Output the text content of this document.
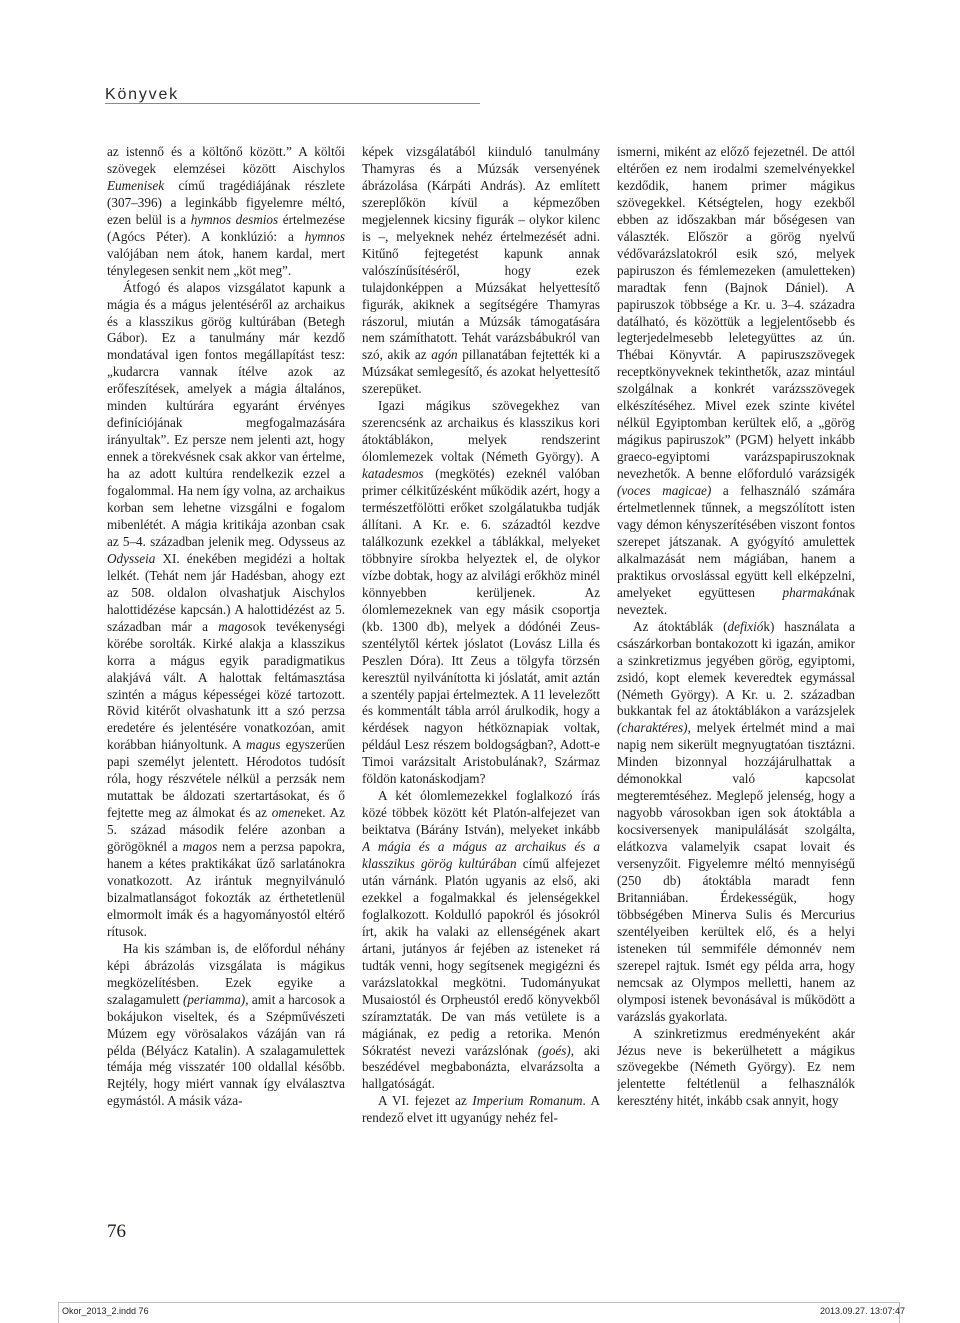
Könyvek

az istennő és a költőnő között.” A költői szövegek elemzései között Aischylos Eumenisek című tragédiájának részlete (307–396) a leginkább figyelemre méltó, ezen belül is a hymnos desmios értelmezése (Agócs Péter). A konklúzió: a hymnos valójában nem átok, hanem kardal, mert ténylegesen senkit nem „köt meg”.

Átfogó és alapos vizsgálatot kapunk a mágia és a mágus jelentéséről az archaikus és a klasszikus görög kultúrában (Betegh Gábor). Ez a tanulmány már kezdő mondatával igen fontos megállapítást tesz: „kudarcra vannak ítélve azok az erőfeszítések, amelyek a mágia általános, minden kultúrára egyaránt érvényes definíciójának megfogalmazására irányultak”. Ez persze nem jelenti azt, hogy ennek a törekvésnek csak akkor van értelme, ha az adott kultúra rendelkezik ezzel a fogalommal. Ha nem így volna, az archaikus korban sem lehetne vizsgálni e fogalom mibenlétét. A mágia kritikája azonban csak az 5–4. században jelenik meg. Odysseus az Odysseia XI. énekében megidézi a holtak lelkét. (Tehát nem jár Hadésban, ahogy ezt az 508. oldalon olvashatjuk Aischylos halottidézése kapcsán.) A halottidézést az 5. században már a magosok tevékenységi körébe sorolták. Kirké alakja a klasszikus korra a mágus egyik paradigmatikus alakjává vált. A halottak feltámasztása szintén a mágus képességei közé tartozott. Rövid kitérőt olvashatunk itt a szó perzsa eredetére és jelentésére vonatkozóan, amit korábban hiányoltunk. A magus egyszerűen papi személyt jelentett. Hérodotos tudósít róla, hogy részvétele nélkül a perzsák nem mutattak be áldozati szertartásokat, és ő fejtette meg az álmokat és az omeneket. Az 5. század második felére azonban a görögöknél a magos nem a perzsa papokra, hanem a kétes praktikákat űző sarlatánokra vonatkozott. Az irántuk megnyilvánuló bizalmatlanságot fokozták az érthetetlenül elmormolt imák és a hagyományostól eltérő rítusok.

Ha kis számban is, de előfordul néhány képi ábrázolás vizsgálata is mágikus megközelítésben. Ezek egyike a szalagamulett (periamma), amit a harcosok a bokájukon viseltek, és a Szépművészeti Múzem egy vörösalakos vázáján van rá példa (Bélyácz Katalin). A szalagamulettek témája még visszatér 100 oldallal később. Rejtély, hogy miért vannak így elválasztva egymástól. A másik váza-

képek vizsgálatából kiinduló tanulmány Thamyras és a Múzsák versenyének ábrázolása (Kárpáti András). Az említett szereplőkön kívül a képmezőben megjelennek kicsiny figurák – olykor kilenc is –, melyeknek nehéz értelmezését adni. Kitűnő fejtegetést kapunk annak valószínűsítéséről, hogy ezek tulajdonképpen a Múzsákat helyettesítő figurák, akiknek a segítségére Thamyras rászorul, miután a Múzsák támogatására nem számíthatott. Tehát varázsbábukról van szó, akik az agón pillanatában fejtették ki a Múzsákat semlegesítő, és azokat helyettesítő szerepüket.

Igazi mágikus szövegekhez van szerencsénk az archaikus és klasszikus kori átoktáblákon, melyek rendszerint ólomlemezek voltak (Németh György). A katadesmos (megkötés) ezeknél valóban primer célkitűzésként működik azért, hogy a természetfölötti erőket szolgálatukba tudják állítani. A Kr. e. 6. századtól kezdve találkozunk ezekkel a táblákkal, melyeket többnyire sírokba helyeztek el, de olykor vízbe dobtak, hogy az alvilági erőkhöz minél könnyebben kerüljenek. Az ólomlemezeknek van egy másik csoportja (kb. 1300 db), melyek a dódónéi Zeus-szentélytől kértek jóslatot (Lovász Lilla és Peszlen Dóra). Itt Zeus a tölgyfa törzsén keresztül nyilvánította ki jóslatát, amit aztán a szentély papjai értelmeztek. A 11 levelezőtt és kommentált tábla arról árulkodik, hogy a kérdések nagyon hétköznapiak voltak, például Lesz részem boldogságban?, Adott-e Timoi varázsitalt Aristobulának?, Származ földön katonáskodjam?

A két ólomlemezekkel foglalkozó írás közé többek között két Platón-alfejezet van beiktatva (Bárány István), melyeket inkább A mágia és a mágus az archaikus és a klasszikus görög kultúrában című alfejezet után várnánk. Platón ugyanis az első, aki ezekkel a fogalmakkal és jelenségekkel foglalkozott. Koldulló papokról és jósokról írt, akik ha valaki az ellenségének akart ártani, jutányos ár fejében az isteneket rá tudták venni, hogy segítsenek megigézni és varázslatokkal megkötni. Tudományukat Musaiostól és Orpheustól eredő könyvekből szíramztaták. De van más vetülete is a mágiának, ez pedig a retorika. Menón Sókratést nevezi varázslónak (goés), aki beszédével megbabonázta, elvarázsolta a hallgatóságát.

A VI. fejezet az Imperium Romanum. A rendező elvet itt ugyanúgy nehéz fel-

ismerni, miként az előző fejezetnél. De attól eltérően ez nem irodalmi szemelvényekkel kezdődik, hanem primer mágikus szövegekkel. Kétségtelen, hogy ezekből ebben az időszakban már bőségesen van választék. Először a görög nyelvű védővarázslatokról esik szó, melyek papiruszon és fémlemezeken (amuletteken) maradtak fenn (Bajnok Dániel). A papiruszok többsége a Kr. u. 3–4. századra datálható, és közöttük a legjelentősebb és legterjedelmesebb leletegyüttes az ún. Thébai Könyvtár. A papiruszszövegek receptkönyveknek tekinthetők, azaz mintául szolgálnak a konkrét varázsszövegek elkészítéséhez. Mivel ezek szinte kivétel nélkül Egyiptomban kerültek elő, a „görög mágikus papiruszok” (PGM) helyett inkább graeco-egyiptomi varázspapiruszoknak nevezhetők. A benne előforduló varázsigék (voces magicae) a felhasználó számára értelmetlennek tűnnek, a megszólított isten vagy démon kényszerítésében viszont fontos szerepet játszanak. A gyógyító amulettek alkalmazását nem mágiában, hanem a praktikus orvoslással együtt kell elképzelni, amelyeket együttesen pharmakának neveztek.

Az átoktáblák (defixiók) használata a császárkorban bontakozott ki igazán, amikor a szinkretizmus jegyében görög, egyiptomi, zsidó, kopt elemek keveredtek egymással (Németh György). A Kr. u. 2. században bukkantak fel az átoktáblákon a varázsjelek (charaktéres), melyek értelmét mind a mai napig nem sikerült megnyugtatóan tisztázni. Minden bizonnyal hozzájárulhattak a démonokkal való kapcsolat megteremtéséhez. Meglepő jelenség, hogy a nagyobb városokban igen sok átoktábla a kocsiversenyek manipulálását szolgálta, elátkozva valamelyik csapat lovait és versenyzőit. Figyelemre méltó mennyiségű (250 db) átoktábla maradt fenn Britanniában. Érdekességük, hogy többségében Minerva Sulis és Mercurius szentélyeiben kerültek elő, és a helyi isteneken túl semmiféle démonnév nem szerepel rajtuk. Ismét egy példa arra, hogy nemcsak az Olympos melletti, hanem az olymposi istenek bevonásával is működött a varázslás gyakorlata.

A szinkretizmus eredményeként akár Jézus neve is bekerülhetett a mágikus szövegekbe (Németh György). Ez nem jelentette feltétlenül a felhasználók keresztény hitét, inkább csak annyit, hogy

76
Okor_2013_2.indd 76	2013.09.27. 13:07:47
